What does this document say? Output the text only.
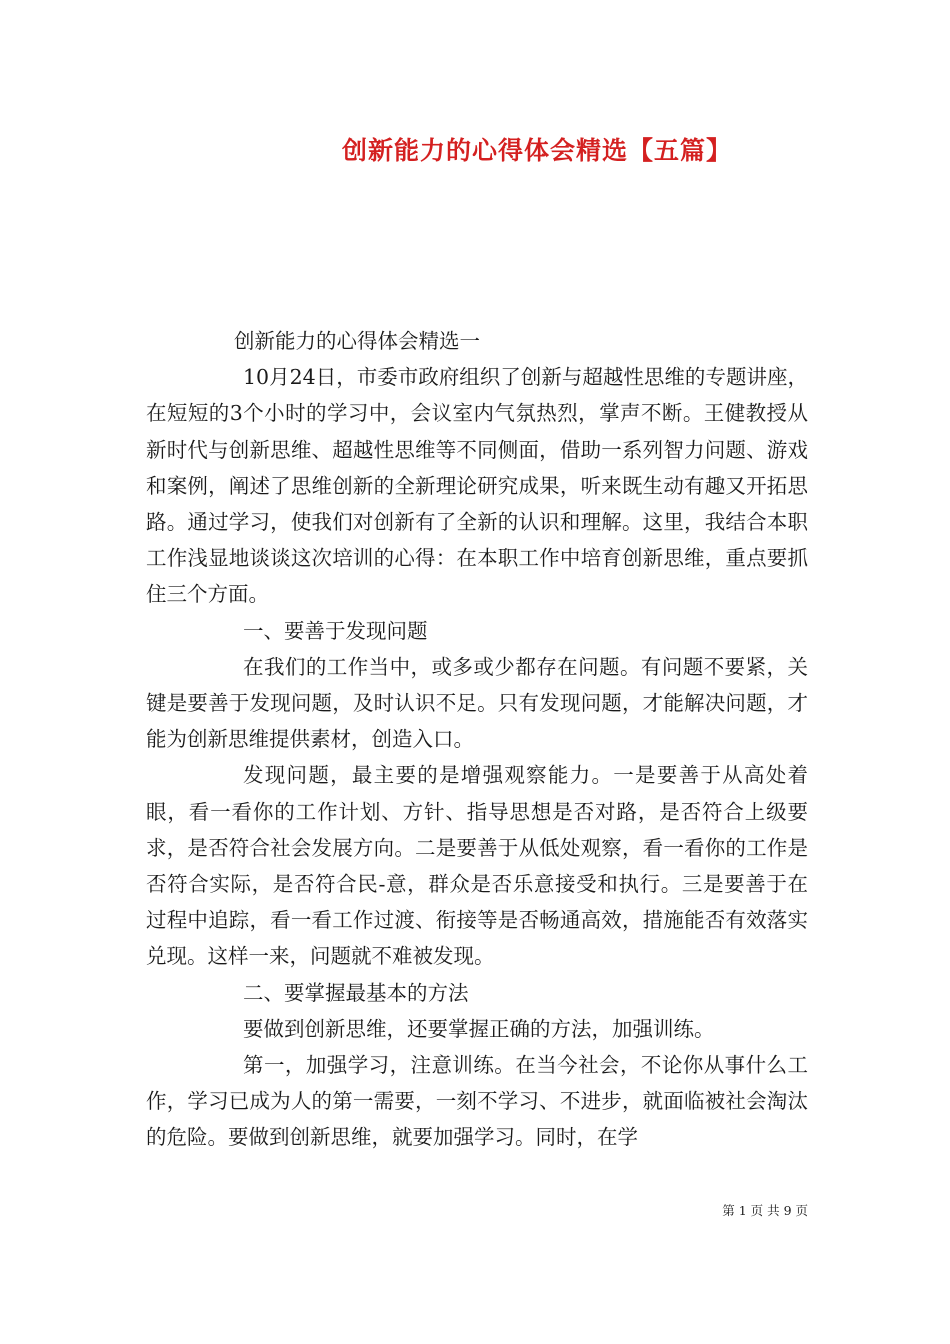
创新能力的心得体会精选【五篇】

创新能力的心得体会精选一

10月24日，市委市政府组织了创新与超越性思维的专题讲座，在短短的3个小时的学习中，会议室内气氛热烈，掌声不断。王健教授从新时代与创新思维、超越性思维等不同侧面，借助一系列智力问题、游戏和案例，阐述了思维创新的全新理论研究成果，听来既生动有趣又开拓思路。通过学习，使我们对创新有了全新的认识和理解。这里，我结合本职工作浅显地谈谈这次培训的心得：在本职工作中培育创新思维，重点要抓住三个方面。

一、要善于发现问题

在我们的工作当中，或多或少都存在问题。有问题不要紧，关键是要善于发现问题，及时认识不足。只有发现问题，才能解决问题，才能为创新思维提供素材，创造入口。

发现问题，最主要的是增强观察能力。一是要善于从高处着眼，看一看你的工作计划、方针、指导思想是否对路，是否符合上级要求，是否符合社会发展方向。二是要善于从低处观察，看一看你的工作是否符合实际，是否符合民-意，群众是否乐意接受和执行。三是要善于在过程中追踪，看一看工作过渡、衔接等是否畅通高效，措施能否有效落实兑现。这样一来，问题就不难被发现。

二、要掌握最基本的方法

要做到创新思维，还要掌握正确的方法，加强训练。

第一，加强学习，注意训练。在当今社会，不论你从事什么工作，学习已成为人的第一需要，一刻不学习、不进步，就面临被社会淘汰的危险。要做到创新思维，就要加强学习。同时，在学

第 1 页 共 9 页
